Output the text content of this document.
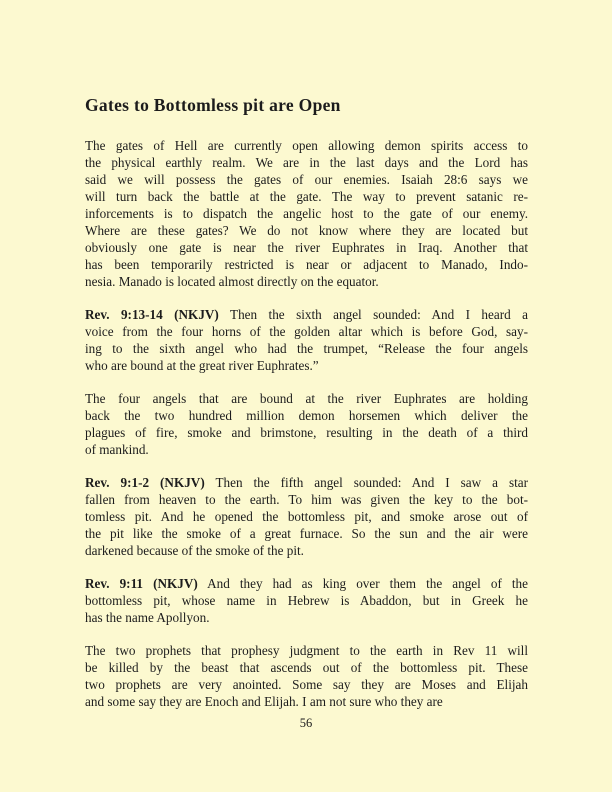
Gates to Bottomless pit are Open
The gates of Hell are currently open allowing demon spirits access to
the physical earthly realm. We are in the last days and the Lord has
said we will possess the gates of our enemies. Isaiah 28:6 says we
will turn back the battle at the gate. The way to prevent satanic re-
inforcements is to dispatch the angelic host to the gate of our enemy.
Where are these gates? We do not know where they are located but
obviously one gate is near the river Euphrates in Iraq. Another that
has been temporarily restricted is near or adjacent to Manado, Indo-
nesia. Manado is located almost directly on the equator.
Rev. 9:13-14 (NKJV) Then the sixth angel sounded: And I heard a
voice from the four horns of the golden altar which is before God, say-
ing to the sixth angel who had the trumpet, “Release the four angels
who are bound at the great river Euphrates.”
The four angels that are bound at the river Euphrates are holding
back the two hundred million demon horsemen which deliver the
plagues of fire, smoke and brimstone, resulting in the death of a third
of mankind.
Rev. 9:1-2 (NKJV) Then the fifth angel sounded: And I saw a star
fallen from heaven to the earth. To him was given the key to the bot-
tomless pit. And he opened the bottomless pit, and smoke arose out of
the pit like the smoke of a great furnace. So the sun and the air were
darkened because of the smoke of the pit.
Rev. 9:11 (NKJV) And they had as king over them the angel of the
bottomless pit, whose name in Hebrew is Abaddon, but in Greek he
has the name Apollyon.
The two prophets that prophesy judgment to the earth in Rev 11 will
be killed by the beast that ascends out of the bottomless pit. These
two prophets are very anointed. Some say they are Moses and Elijah
and some say they are Enoch and Elijah. I am not sure who they are
56
